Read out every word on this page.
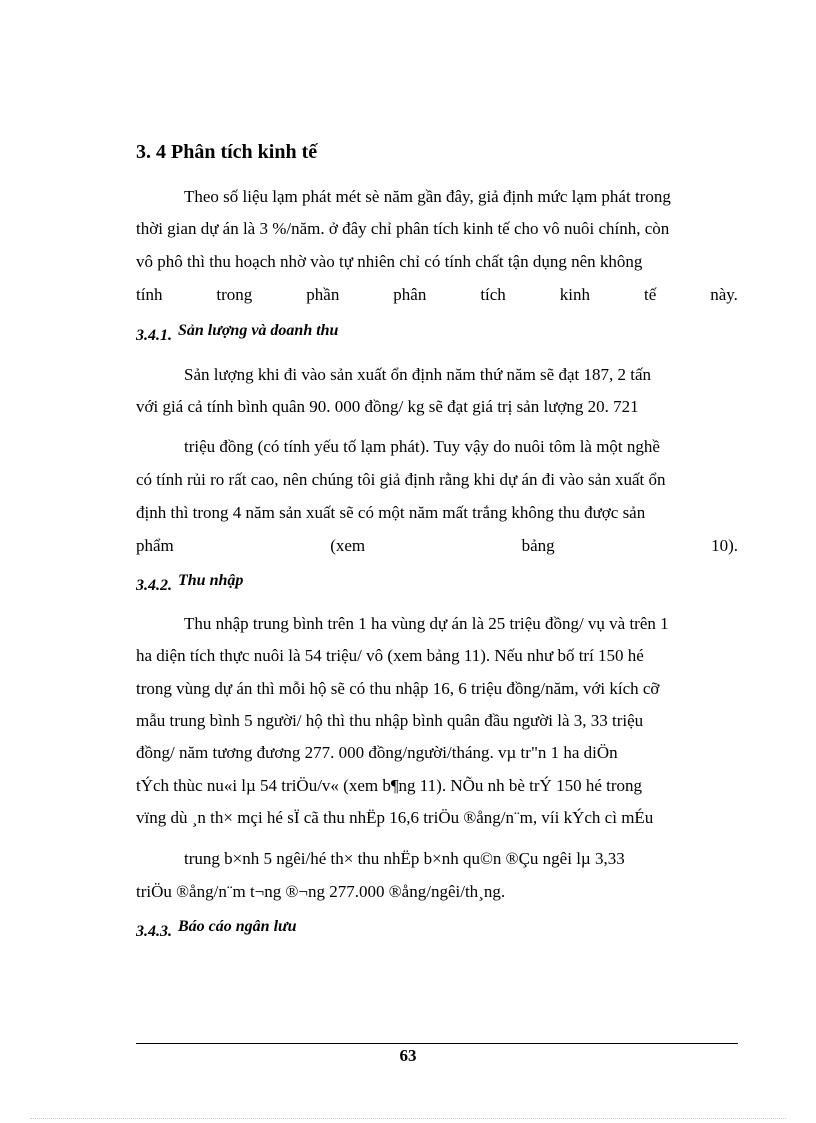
3. 4 Phân tích kinh tế
Theo số liệu lạm phát mét sè năm gần đây, giả định mức lạm phát trong
thời gian dự án là 3 %/năm. ở đây chỉ phân tích kinh tế cho vô nuôi chính, còn
vô phô thì thu hoạch nhờ vào tự nhiên chỉ có tính chất tận dụng nên không
tính	trong	phần	phân	tích	kinh	tế	này.
3.4.1. Sản lượng và doanh thu
Sản lượng khi đi vào sản xuất ổn định năm thứ năm sẽ đạt 187, 2 tấn
với giá cả tính bình quân 90. 000 đồng/ kg sẽ đạt giá trị sản lượng 20. 721
triệu đồng (có tính yếu tố lạm phát). Tuy vậy do nuôi tôm là một nghề
có tính rủi ro rất cao, nên chúng tôi giả định rằng khi dự án đi vào sản xuất ổn
định thì trong 4 năm sản xuất sẽ có một năm mất trắng không thu được sản
phẩm	(xem	bảng	10).
3.4.2. Thu nhập
Thu nhập trung bình trên 1 ha vùng dự án là 25 triệu đồng/ vụ và trên 1
ha diện tích thực nuôi là 54 triệu/ vô (xem bảng 11). Nếu như bố trí 150 hé
trong vùng dự án thì mỗi hộ sẽ có thu nhập 16, 6 triệu đồng/năm, với kích cỡ
mẫu trung bình 5 người/ hộ thì thu nhập bình quân đầu người là 3, 33 triệu
đồng/ năm tương đương 277. 000 đồng/người/tháng. vµ tr"n 1 ha diÖn
tÝch thùc nu«i lµ 54 triÖu/v« (xem b¶ng 11). NÕu nh bè trÝ 150 hé trong
vïng dù ¸n th× mçi hé sÏ cã thu nhËp 16,6 triÖu ®ång/n¨m, víi kÝch cì mÉu
trung b×nh 5 ngêi/hé th× thu nhËp b×nh qu©n ®Çu ngêi lµ 3,33
triÖu ®ång/n¨m t¬ng ®¬ng 277.000 ®ång/ngêi/th¸ng.
3.4.3. Báo cáo ngân lưu
63
